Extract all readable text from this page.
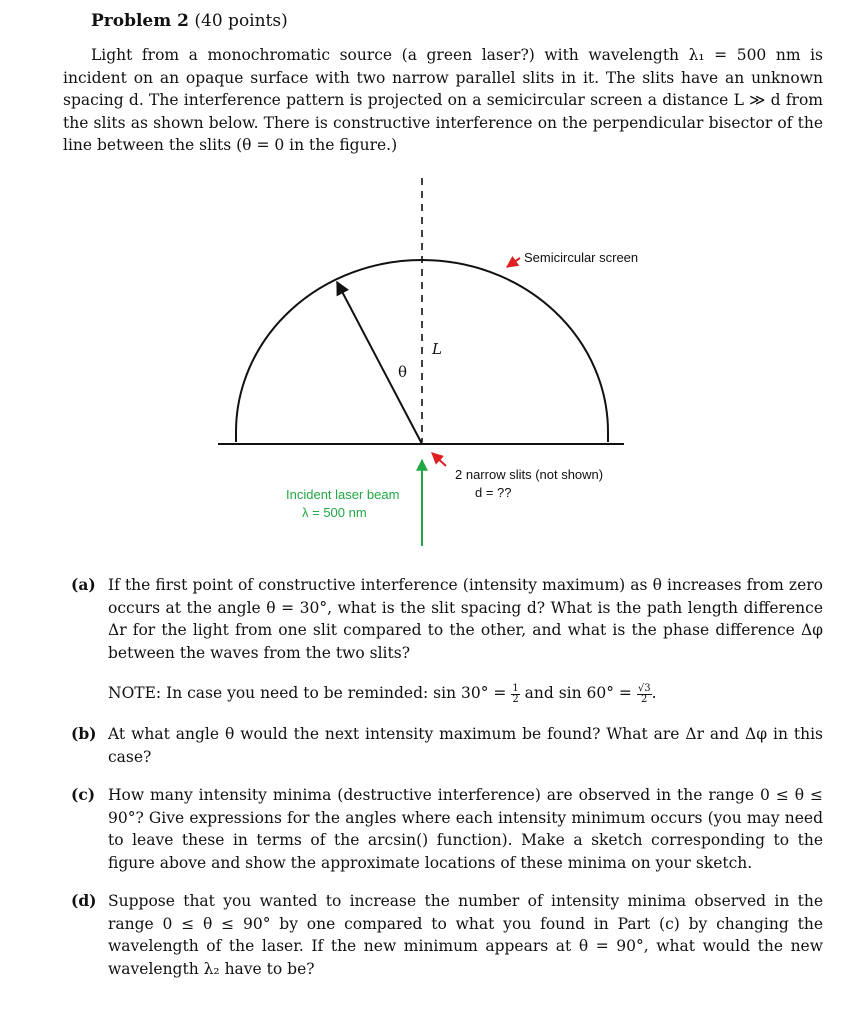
Problem 2 (40 points)

Light from a monochromatic source (a green laser?) with wavelength λ₁ = 500 nm is incident on an opaque surface with two narrow parallel slits in it. The slits have an unknown spacing d. The interference pattern is projected on a semicircular screen a distance L ≫ d from the slits as shown below. There is constructive interference on the perpendicular bisector of the line between the slits (θ = 0 in the figure.)

θ
L
Semicircular screen
2 narrow slits (not shown)
d = ??
Incident laser beam
λ = 500 nm
(a) If the first point of constructive interference (intensity maximum) as θ increases from zero occurs at the angle θ = 30°, what is the slit spacing d? What is the path length difference Δr for the light from one slit compared to the other, and what is the phase difference Δφ between the waves from the two slits?
NOTE: In case you need to be reminded: $\sin 30^\circ = \frac{1}{2}$ and $\sin 60^\circ = \frac{√3}{2}$ .
(b) At what angle θ would the next intensity maximum be found? What are Δr and Δφ in this case?
(c) How many intensity minima (destructive interference) are observed in the range 0 ≤ θ ≤ 90°? Give expressions for the angles where each intensity minimum occurs (you may need to leave these in terms of the arcsin() function). Make a sketch corresponding to the figure above and show the approximate locations of these minima on your sketch.
(d) Suppose that you wanted to increase the number of intensity minima observed in the range 0 ≤ θ ≤ 90° by one compared to what you found in Part (c) by changing the wavelength of the laser. If the new minimum appears at θ = 90°, what would the new wavelength λ₂ have to be?
